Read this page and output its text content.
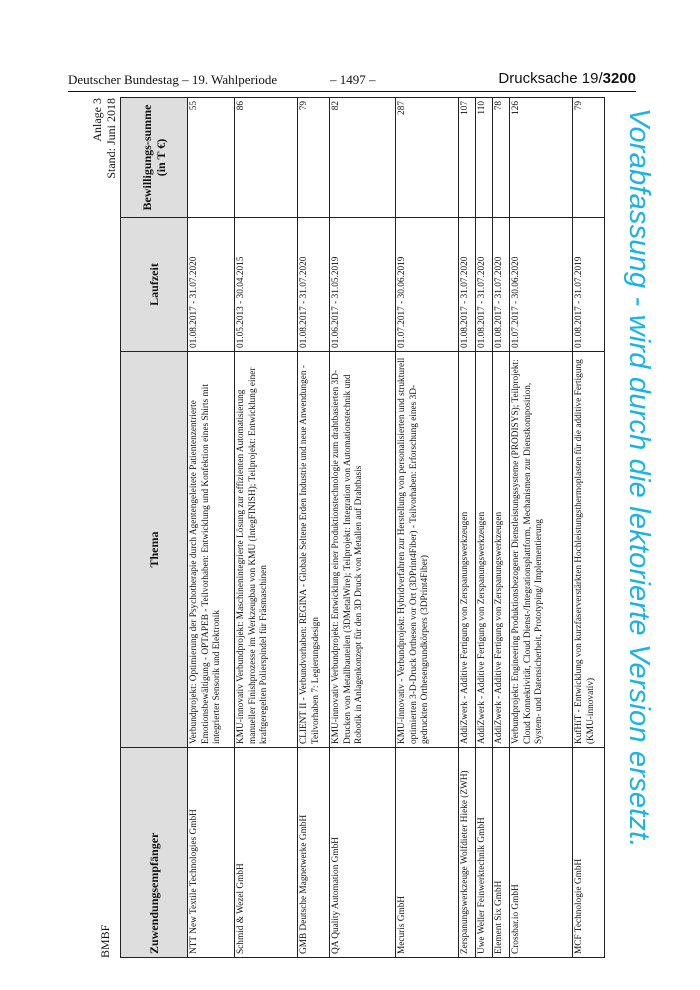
Deutscher Bundestag – 19. Wahlperiode	– 1497 –	Drucksache 19/3200
Vorabfassung - wird durch die lektorierte Version ersetzt.
BMBF
Anlage 3 Stand: Juni 2018
Zuwendungsempfänger	Thema	Laufzeit	Bewilligungs-summe (in T €)
NTT New Textile Technologies GmbH	Verbundprojekt: Optimierung der Psychotherapie durch Agentengeleitete Patientenzentrierte Emotionsbewältigung - OPTAPEB - Teilvorhaben: Entwicklung und Konfektion eines Shirts mit integrierter Sensorik und Elektronik	01.08.2017 - 31.07.2020	55
Schmid & Wezel GmbH	KMU-innovativ Verbundprojekt: Maschinenintegrierte Lösung zur effizienten Automatisierung manueller Finishprozesse im Werkzeugbau von KMU (IntegFINISH); Teilprojekt: Entwicklung einer kraftgeregelten Polierspindel für Fräsmaschinen	01.05.2013 - 30.04.2015	86
GMB Deutsche Magnetwerke GmbH	CLIENT II - Verbundvorhaben: REGINA - Globale Seltene Erden Industrie und neue Anwendungen - Teilvorhaben 7: Legierungsdesign	01.08.2017 - 31.07.2020	79
QA Quality Automation GmbH	KMU-innovativ Verbundprojekt: Entwicklung einer Produktionstechnologie zum drahtbasierten 3D-Drucken von Metallbauteilen (3DMetalWire); Teilprojekt: Integration von Automationstechnik und Robotik in Anlagenkonzept für den 3D Druck von Metallen auf Drahtbasis	01.06.2017 - 31.05.2019	82
Mecuris GmbH	KMU-innovativ - Verbundprojekt: Hybridverfahren zur Herstellung von personalisierten und strukturell optimierten 3-D-Druck Orthesen vor Ort (3DPrint4Fiber) - Teilvorhaben: Erforschung eines 3D-gedruckten Orthesengrundkörpers (3DPrint4Fiber)	01.07.2017 - 30.06.2019	287
Zerspanungswerkzeuge Wolfdieter Hieke (ZWH)	AddiZwerk - Additive Fertigung von Zerspanungswerkzeugen	01.08.2017 - 31.07.2020	107
Uwe Weller Feinwerktechnik GmbH	AddiZwerk - Additive Fertigung von Zerspanungswerkzeugen	01.08.2017 - 31.07.2020	110
Element Six GmbH	AddiZwerk - Additive Fertigung von Zerspanungswerkzeugen	01.08.2017 - 31.07.2020	78
Crossbar.io GmbH	Verbundprojekt: Engineering Produktionsbezogener Dienstleistungssysteme (PRODISYS); Teilprojekt: Cloud Konnektivität, Cloud Dienst-/Integrationsplattform, Mechanismen zur Dienstkomposition, System- und Datensicherheit, Prototyping/ Implementierung	01.07.2017 - 30.06.2020	126
MCF Technologie GmbH	KufHiT - Entwicklung von kurzfaserverstärkten Hochleistungsthermoplasten für die additive Fertigung (KMU-innovativ)	01.08.2017 - 31.07.2019	79
